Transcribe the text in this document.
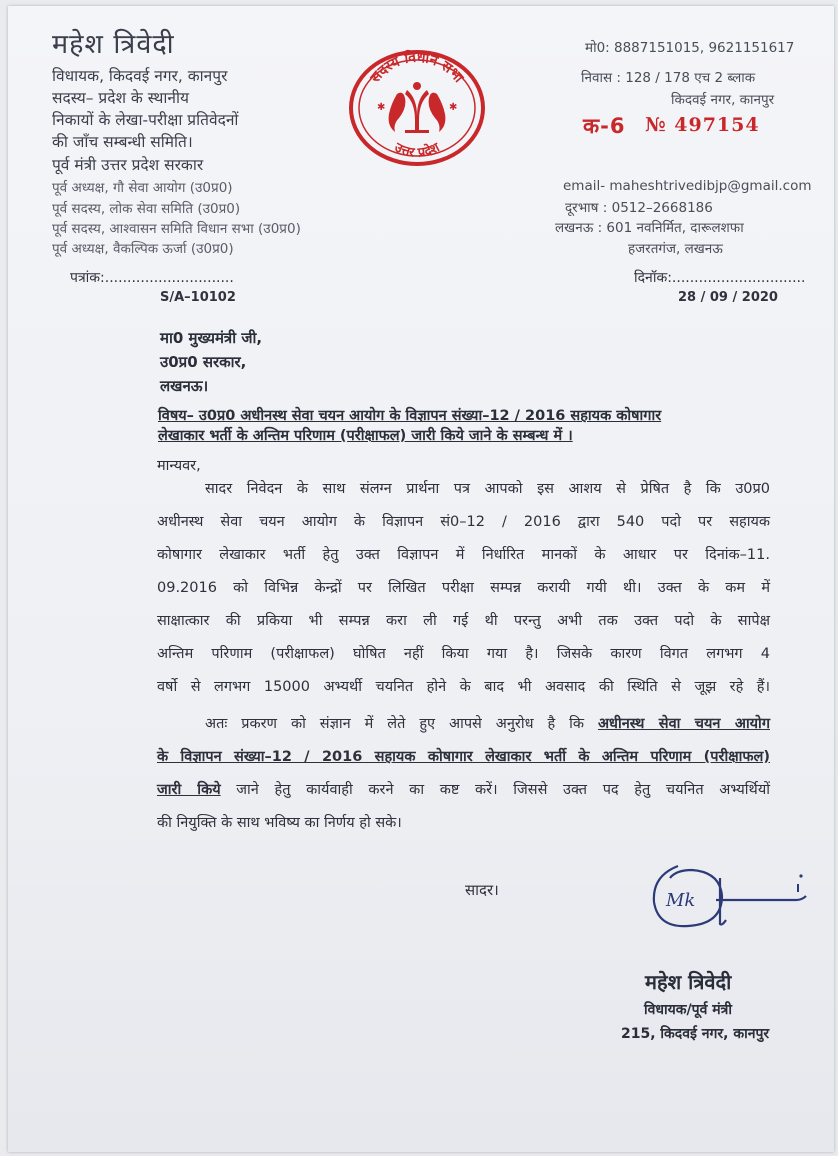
महेश त्रिवेदी
विधायक, किदवई नगर, कानपुर
सदस्य– प्रदेश के स्थानीय
निकायों के लेखा-परीक्षा प्रतिवेदनों
की जाँच सम्बन्धी समिति।
पूर्व मंत्री उत्तर प्रदेश सरकार
पूर्व अध्यक्ष, गौ सेवा आयोग (उ0प्र0)
पूर्व सदस्य, लोक सेवा समिति (उ0प्र0)
पूर्व सदस्य, आश्वासन समिति विधान सभा (उ0प्र0)
पूर्व अध्यक्ष, वैकल्पिक ऊर्जा (उ0प्र0)
सदस्य विधान सभा
✱	✱
उत्तर प्रदेश
मो0: 8887151015, 9621151617
निवास : 128 / 178 एच 2 ब्लाक
किदवई नगर, कानपुर
क-6 № 497154
email- maheshtrivedibjp@gmail.com
दूरभाष : 0512–2668186
लखनऊ : 601 नवनिर्मित, दारूलशफा
हजरतगंज, लखनऊ
पत्रांक:.............................
S/A–10102
दिनॉक:..............................
28 / 09 / 2020
मा0 मुख्यमंत्री जी,
उ0प्र0 सरकार,
लखनऊ।
विषय– उ0प्र0 अधीनस्थ सेवा चयन आयोग के विज्ञापन संख्या–12 / 2016 सहायक कोषागार
लेखाकार भर्ती के अन्तिम परिणाम (परीक्षाफल) जारी किये जाने के सम्बन्ध में ।
मान्यवर,
सादर निवेदन के साथ संलग्न प्रार्थना पत्र आपको इस आशय से प्रेषित है कि उ0प्र0
अधीनस्थ सेवा चयन आयोग के विज्ञापन सं0–12 / 2016 द्वारा 540 पदो पर सहायक
कोषागार लेखाकार भर्ती हेतु उक्त विज्ञापन में निर्धारित मानकों के आधार पर दिनांक–11.
09.2016 को विभिन्न केन्द्रों पर लिखित परीक्षा सम्पन्न करायी गयी थी। उक्त के कम में
साक्षात्कार की प्रकिया भी सम्पन्न करा ली गई थी परन्तु अभी तक उक्त पदो के सापेक्ष
अन्तिम परिणाम (परीक्षाफल) घोषित नहीं किया गया है। जिसके कारण विगत लगभग 4
वर्षो से लगभग 15000 अभ्यर्थी चयनित होने के बाद भी अवसाद की स्थिति से जूझ रहे हैं।
अतः प्रकरण को संज्ञान में लेते हुए आपसे अनुरोध है कि अधीनस्थ सेवा चयन आयोग
के विज्ञापन संख्या–12 / 2016 सहायक कोषागार लेखाकार भर्ती के अन्तिम परिणाम (परीक्षाफल)
जारी किये जाने हेतु कार्यवाही करने का कष्ट करें। जिससे उक्त पद हेतु चयनित अभ्यर्थियों
की नियुक्ति के साथ भविष्य का निर्णय हो सके।
सादर।	Mk
महेश त्रिवेदी
विधायक/पूर्व मंत्री
215, किदवई नगर, कानपुर
